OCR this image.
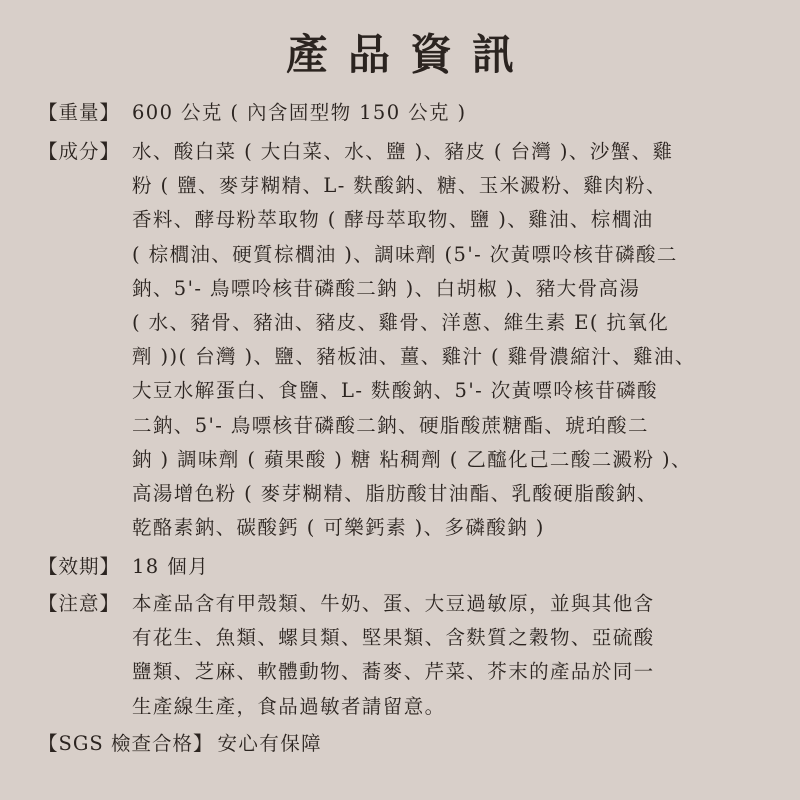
產品資訊
【重量】 600 公克 ( 內含固型物 150 公克 )
【成分】 水、酸白菜 ( 大白菜、水、鹽 )、豬皮 ( 台灣 )、沙蟹、雞
粉 ( 鹽、麥芽糊精、L- 麩酸鈉、糖、玉米澱粉、雞肉粉、
香料、酵母粉萃取物 ( 酵母萃取物、鹽 )、雞油、棕櫚油
( 棕櫚油、硬質棕櫚油 )、調味劑 (5'- 次黃嘌呤核苷磷酸二
鈉、5'- 鳥嘌呤核苷磷酸二鈉 )、白胡椒 )、豬大骨高湯
( 水、豬骨、豬油、豬皮、雞骨、洋蔥、維生素 E( 抗氧化
劑 ))( 台灣 )、鹽、豬板油、薑、雞汁 ( 雞骨濃縮汁、雞油、
大豆水解蛋白、食鹽、L- 麩酸鈉、5'- 次黃嘌呤核苷磷酸
二鈉、5'- 鳥嘌核苷磷酸二鈉、硬脂酸蔗糖酯、琥珀酸二
鈉 ) 調味劑 ( 蘋果酸 ) 糖 粘稠劑 ( 乙醯化己二酸二澱粉 )、
高湯增色粉 ( 麥芽糊精、脂肪酸甘油酯、乳酸硬脂酸鈉、
乾酪素鈉、碳酸鈣 ( 可樂鈣素 )、多磷酸鈉 )
【效期】 18 個月
【注意】 本產品含有甲殼類、牛奶、蛋、大豆過敏原，並與其他含
有花生、魚類、螺貝類、堅果類、含麩質之穀物、亞硫酸
鹽類、芝麻、軟體動物、蕎麥、芹菜、芥末的產品於同一
生產線生產，食品過敏者請留意。
【SGS 檢查合格】 安心有保障
